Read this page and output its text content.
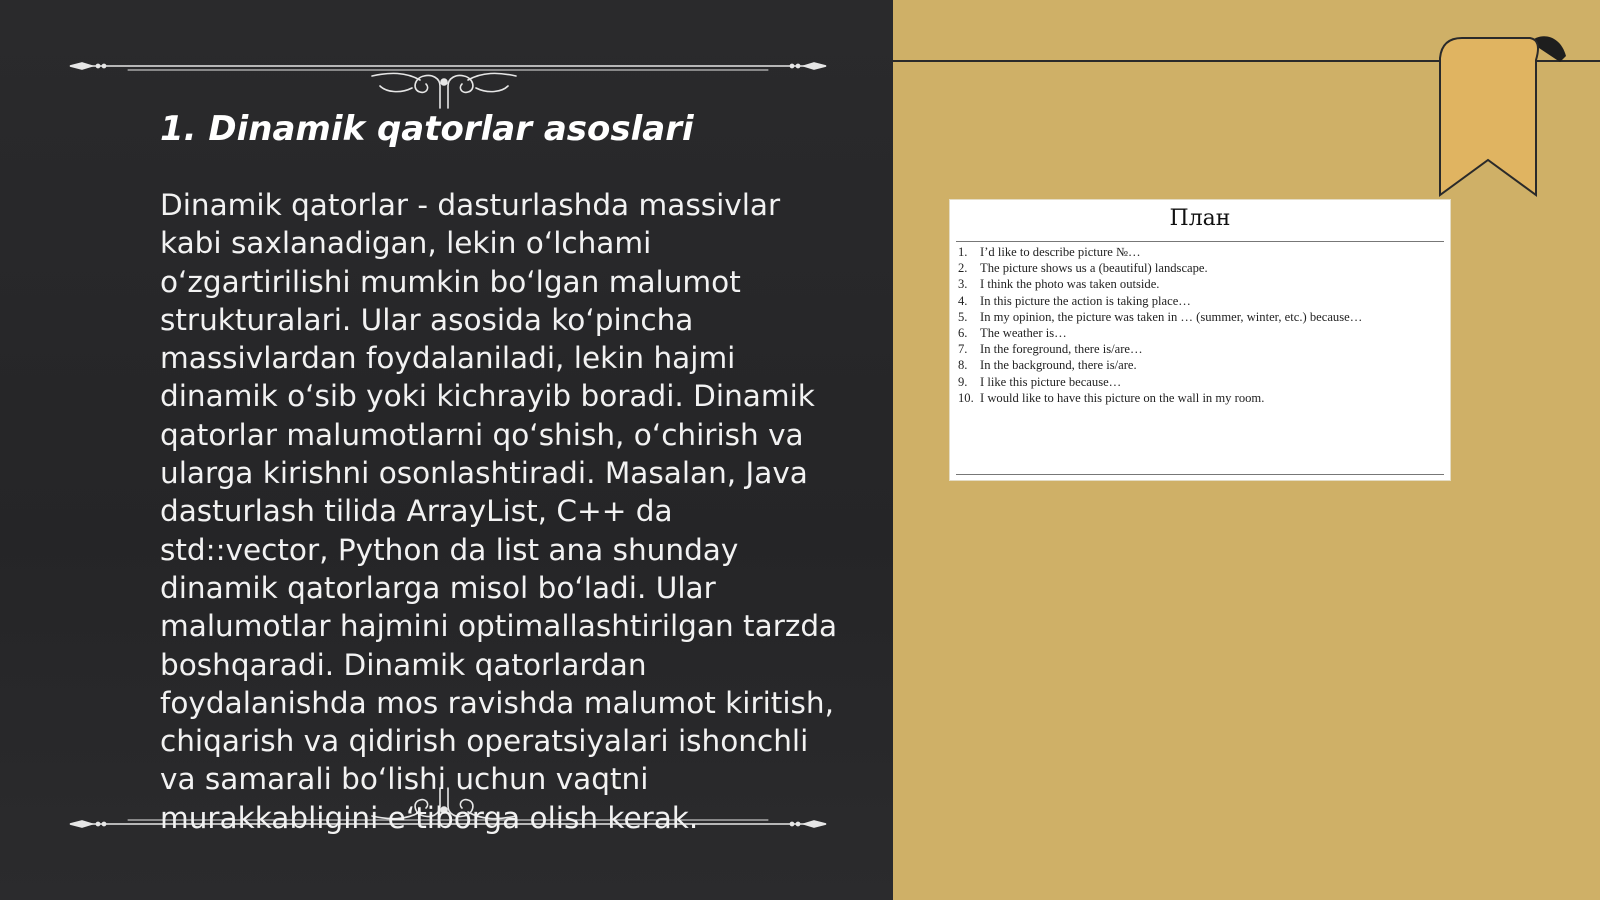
1. Dinamik qatorlar asoslari

Dinamik qatorlar - dasturlashda massivlar kabi saxlanadigan, lekin o‘lchami o‘zgartirilishi mumkin bo‘lgan malumot strukturalari. Ular asosida ko‘pincha massivlardan foydalaniladi, lekin hajmi dinamik o‘sib yoki kichrayib boradi. Dinamik qatorlar malumotlarni qo‘shish, o‘chirish va ularga kirishni osonlashtiradi. Masalan, Java dasturlash tilida ArrayList, C++ da std::vector, Python da list ana shunday dinamik qatorlarga misol bo‘ladi. Ular malumotlar hajmini optimallashtirilgan tarzda boshqaradi. Dinamik qatorlardan foydalanishda mos ravishda malumot kiritish, chiqarish va qidirish operatsiyalari ishonchli va samarali bo‘lishi uchun vaqtni murakkabligini e‘tiborga olish kerak.

План

1. I’d like to describe picture №…
2. The picture shows us a (beautiful) landscape.
3. I think the photo was taken outside.
4. In this picture the action is taking place…
5. In my opinion, the picture was taken in … (summer, winter, etc.) because…
6. The weather is…
7. In the foreground, there is/are…
8. In the background, there is/are.
9. I like this picture because…
10. I would like to have this picture on the wall in my room.
